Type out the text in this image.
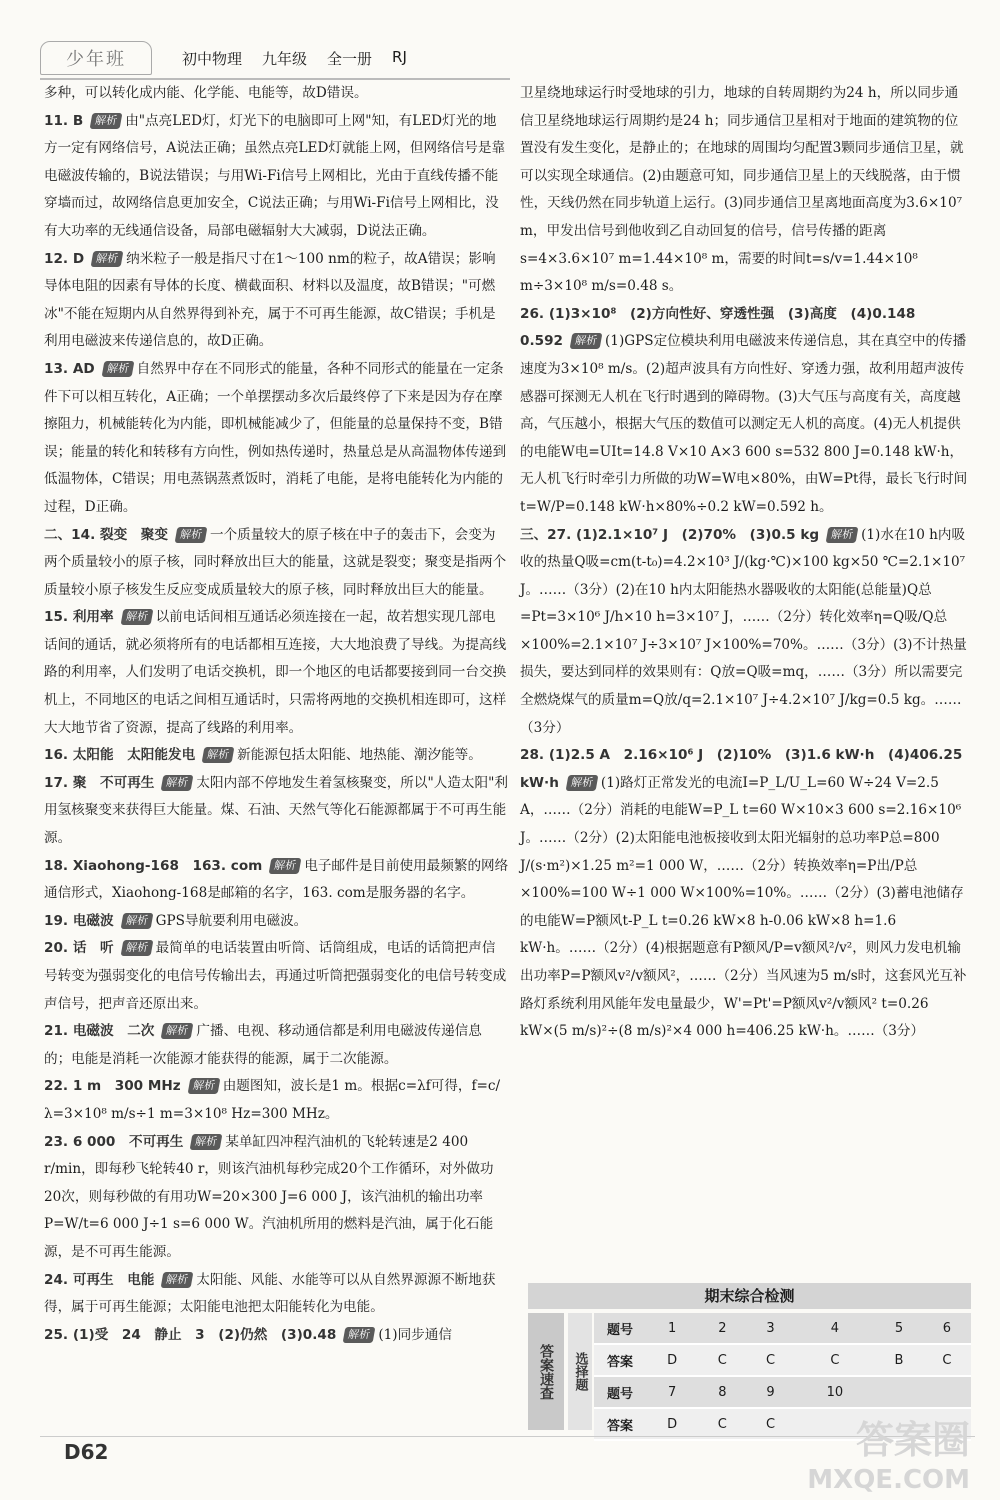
少年班	初中物理 九年级 全一册 RJ

多种，可以转化成内能、化学能、电能等，故D错误。

11. B 解析 由"点亮LED灯，灯光下的电脑即可上网"知，有LED灯光的地方一定有网络信号，A说法正确；虽然点亮LED灯就能上网，但网络信号是靠电磁波传输的，B说法错误；与用Wi-Fi信号上网相比，光由于直线传播不能穿墙而过，故网络信息更加安全，C说法正确；与用Wi-Fi信号上网相比，没有大功率的无线通信设备，局部电磁辐射大大减弱，D说法正确。

12. D 解析 纳米粒子一般是指尺寸在1～100 nm的粒子，故A错误；影响导体电阻的因素有导体的长度、横截面积、材料以及温度，故B错误；"可燃冰"不能在短期内从自然界得到补充，属于不可再生能源，故C错误；手机是利用电磁波来传递信息的，故D正确。

13. AD 解析 自然界中存在不同形式的能量，各种不同形式的能量在一定条件下可以相互转化，A正确；一个单摆摆动多次后最终停了下来是因为存在摩擦阻力，机械能转化为内能，即机械能减少了，但能量的总量保持不变，B错误；能量的转化和转移有方向性，例如热传递时，热量总是从高温物体传递到低温物体，C错误；用电蒸锅蒸煮饭时，消耗了电能，是将电能转化为内能的过程，D正确。

二、14. 裂变　聚变 解析 一个质量较大的原子核在中子的轰击下，会变为两个质量较小的原子核，同时释放出巨大的能量，这就是裂变；聚变是指两个质量较小原子核发生反应变成质量较大的原子核，同时释放出巨大的能量。

15. 利用率 解析 以前电话间相互通话必须连接在一起，故若想实现几部电话间的通话，就必须将所有的电话都相互连接，大大地浪费了导线。为提高线路的利用率，人们发明了电话交换机，即一个地区的电话都要接到同一台交换机上，不同地区的电话之间相互通话时，只需将两地的交换机相连即可，这样大大地节省了资源，提高了线路的利用率。

16. 太阳能　太阳能发电 解析 新能源包括太阳能、地热能、潮汐能等。

17. 聚　不可再生 解析 太阳内部不停地发生着氢核聚变，所以"人造太阳"利用氢核聚变来获得巨大能量。煤、石油、天然气等化石能源都属于不可再生能源。

18. Xiaohong-168　163. com 解析 电子邮件是目前使用最频繁的网络通信形式，Xiaohong-168是邮箱的名字，163. com是服务器的名字。

19. 电磁波 解析 GPS导航要利用电磁波。

20. 话　听 解析 最简单的电话装置由听筒、话筒组成，电话的话筒把声信号转变为强弱变化的电信号传输出去，再通过听筒把强弱变化的电信号转变成声信号，把声音还原出来。

21. 电磁波　二次 解析 广播、电视、移动通信都是利用电磁波传递信息的；电能是消耗一次能源才能获得的能源，属于二次能源。

22. 1 m　300 MHz 解析 由题图知，波长是1 m。根据c=λf可得，f=c/λ=3×10⁸ m/s÷1 m=3×10⁸ Hz=300 MHz。

23. 6 000　不可再生 解析 某单缸四冲程汽油机的飞轮转速是2 400 r/min，即每秒飞轮转40 r，则该汽油机每秒完成20个工作循环，对外做功20次，则每秒做的有用功W=20×300 J=6 000 J，该汽油机的输出功率P=W/t=6 000 J÷1 s=6 000 W。汽油机所用的燃料是汽油，属于化石能源，是不可再生能源。

24. 可再生　电能 解析 太阳能、风能、水能等可以从自然界源源不断地获得，属于可再生能源；太阳能电池把太阳能转化为电能。

25. (1)受　24　静止　3　(2)仍然　(3)0.48 解析 (1)同步通信

卫星绕地球运行时受地球的引力，地球的自转周期约为24 h，所以同步通信卫星绕地球运行周期约是24 h；同步通信卫星相对于地面的建筑物的位置没有发生变化，是静止的；在地球的周围均匀配置3颗同步通信卫星，就可以实现全球通信。(2)由题意可知，同步通信卫星上的天线脱落，由于惯性，天线仍然在同步轨道上运行。(3)同步通信卫星离地面高度为3.6×10⁷ m，甲发出信号到他收到乙自动回复的信号，信号传播的距离s=4×3.6×10⁷ m=1.44×10⁸ m，需要的时间t=s/v=1.44×10⁸ m÷3×10⁸ m/s=0.48 s。

26. (1)3×10⁸　(2)方向性好、穿透性强　(3)高度　(4)0.148　0.592 解析 (1)GPS定位模块利用电磁波来传递信息，其在真空中的传播速度为3×10⁸ m/s。(2)超声波具有方向性好、穿透力强，故利用超声波传感器可探测无人机在飞行时遇到的障碍物。(3)大气压与高度有关，高度越高，气压越小，根据大气压的数值可以测定无人机的高度。(4)无人机提供的电能W电=UIt=14.8 V×10 A×3 600 s=532 800 J=0.148 kW·h，无人机飞行时牵引力所做的功W=W电×80%，由W=Pt得，最长飞行时间t=W/P=0.148 kW·h×80%÷0.2 kW=0.592 h。

三、27. (1)2.1×10⁷ J　(2)70%　(3)0.5 kg 解析 (1)水在10 h内吸收的热量Q吸=cm(t-t₀)=4.2×10³ J/(kg·℃)×100 kg×50 ℃=2.1×10⁷ J。……（3分）(2)在10 h内太阳能热水器吸收的太阳能(总能量)Q总=Pt=3×10⁶ J/h×10 h=3×10⁷ J，……（2分）转化效率η=Q吸/Q总×100%=2.1×10⁷ J÷3×10⁷ J×100%=70%。……（3分）(3)不计热量损失，要达到同样的效果则有：Q放=Q吸=mq，……（3分）所以需要完全燃烧煤气的质量m=Q放/q=2.1×10⁷ J÷4.2×10⁷ J/kg=0.5 kg。……（3分）

28. (1)2.5 A　2.16×10⁶ J　(2)10%　(3)1.6 kW·h　(4)406.25 kW·h 解析 (1)路灯正常发光的电流I=P_L/U_L=60 W÷24 V=2.5 A，……（2分）消耗的电能W=P_L t=60 W×10×3 600 s=2.16×10⁶ J。……（2分）(2)太阳能电池板接收到太阳光辐射的总功率P总=800 J/(s·m²)×1.25 m²=1 000 W，……（2分）转换效率η=P出/P总×100%=100 W÷1 000 W×100%=10%。……（2分）(3)蓄电池储存的电能W=P额风t-P_L t=0.26 kW×8 h-0.06 kW×8 h=1.6 kW·h。……（2分）(4)根据题意有P额风/P=v额风²/v²，则风力发电机输出功率P=P额风v²/v额风²，……（2分）当风速为5 m/s时，这套风光互补路灯系统利用风能年发电量最少，W'=Pt'=P额风v²/v额风² t=0.26 kW×(5 m/s)²÷(8 m/s)²×4 000 h=406.25 kW·h。……（3分）

期末综合检测
答案速查	选择题
题号	1	2	3	4	5	6
答案	D	C	C	C	B	C
题号	7	8	9	10		
答案	D	C	C			
D62	答案圈
MXQE.COM
